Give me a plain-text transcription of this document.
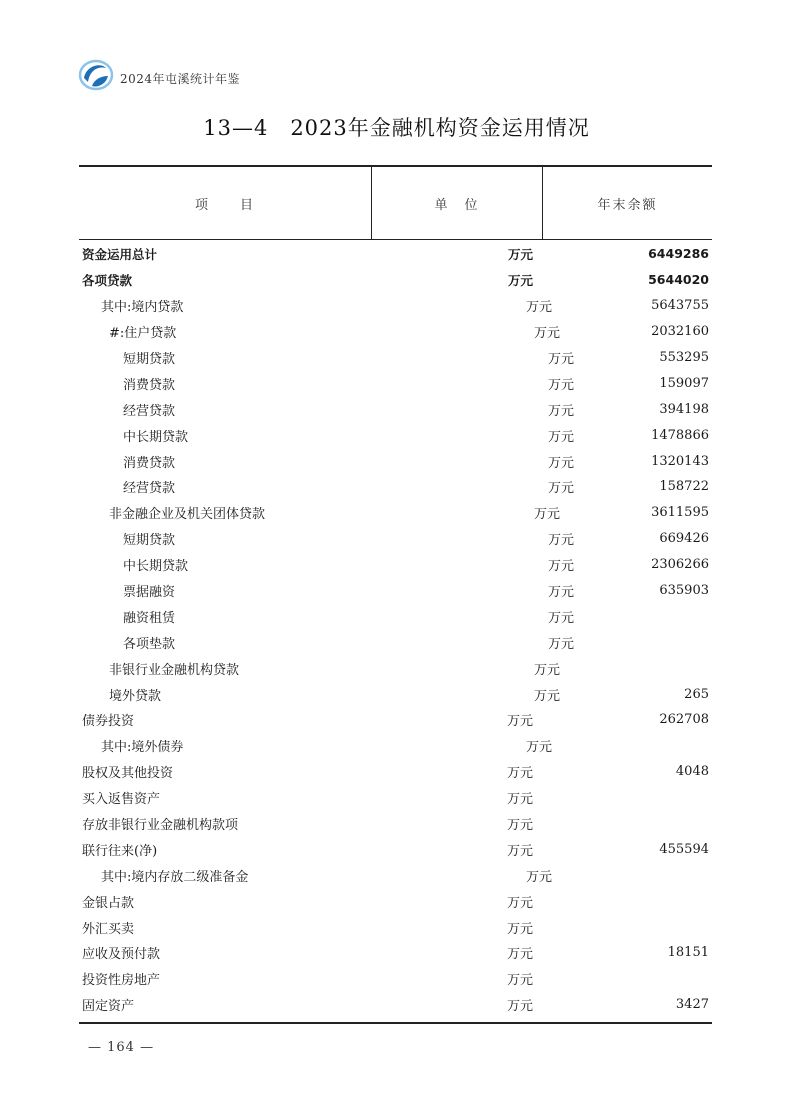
2024年屯溪统计年鉴
13—4　2023年金融机构资金运用情况
项　　目	单　位	年末余额
资金运用总计	万元	6449286
各项贷款	万元	5644020
其中:境内贷款	万元	5643755
#:住户贷款	万元	2032160
短期贷款	万元	553295
消费贷款	万元	159097
经营贷款	万元	394198
中长期贷款	万元	1478866
消费贷款	万元	1320143
经营贷款	万元	158722
非金融企业及机关团体贷款	万元	3611595
短期贷款	万元	669426
中长期贷款	万元	2306266
票据融资	万元	635903
融资租赁	万元
各项垫款	万元
非银行业金融机构贷款	万元
境外贷款	万元	265
债券投资	万元	262708
其中:境外债券	万元
股权及其他投资	万元	4048
买入返售资产	万元
存放非银行业金融机构款项	万元
联行往来(净)	万元	455594
其中:境内存放二级准备金	万元
金银占款	万元
外汇买卖	万元
应收及预付款	万元	18151
投资性房地产	万元
固定资产	万元	3427
— 164 —
